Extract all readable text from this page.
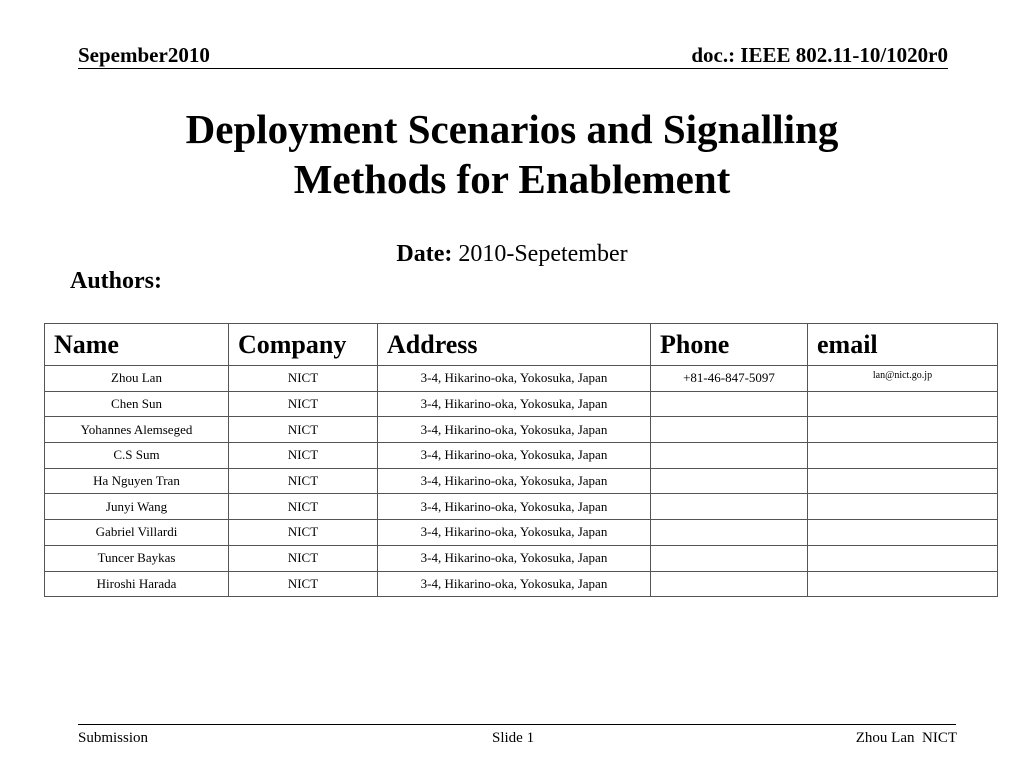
Sepember2010	doc.: IEEE 802.11-10/1020r0
Deployment Scenarios and Signalling
Methods for Enablement
Date: 2010-Sepetember
Authors:
Name	Company	Address	Phone	email
Zhou Lan	NICT	3-4, Hikarino-oka, Yokosuka, Japan	+81-46-847-5097	lan@nict.go.jp
Chen Sun	NICT	3-4, Hikarino-oka, Yokosuka, Japan		
Yohannes Alemseged	NICT	3-4, Hikarino-oka, Yokosuka, Japan		
C.S Sum	NICT	3-4, Hikarino-oka, Yokosuka, Japan		
Ha Nguyen Tran	NICT	3-4, Hikarino-oka, Yokosuka, Japan		
Junyi Wang	NICT	3-4, Hikarino-oka, Yokosuka, Japan		
Gabriel Villardi	NICT	3-4, Hikarino-oka, Yokosuka, Japan		
Tuncer Baykas	NICT	3-4, Hikarino-oka, Yokosuka, Japan		
Hiroshi Harada	NICT	3-4, Hikarino-oka, Yokosuka, Japan		
Submission	Slide 1	Zhou Lan  NICT
